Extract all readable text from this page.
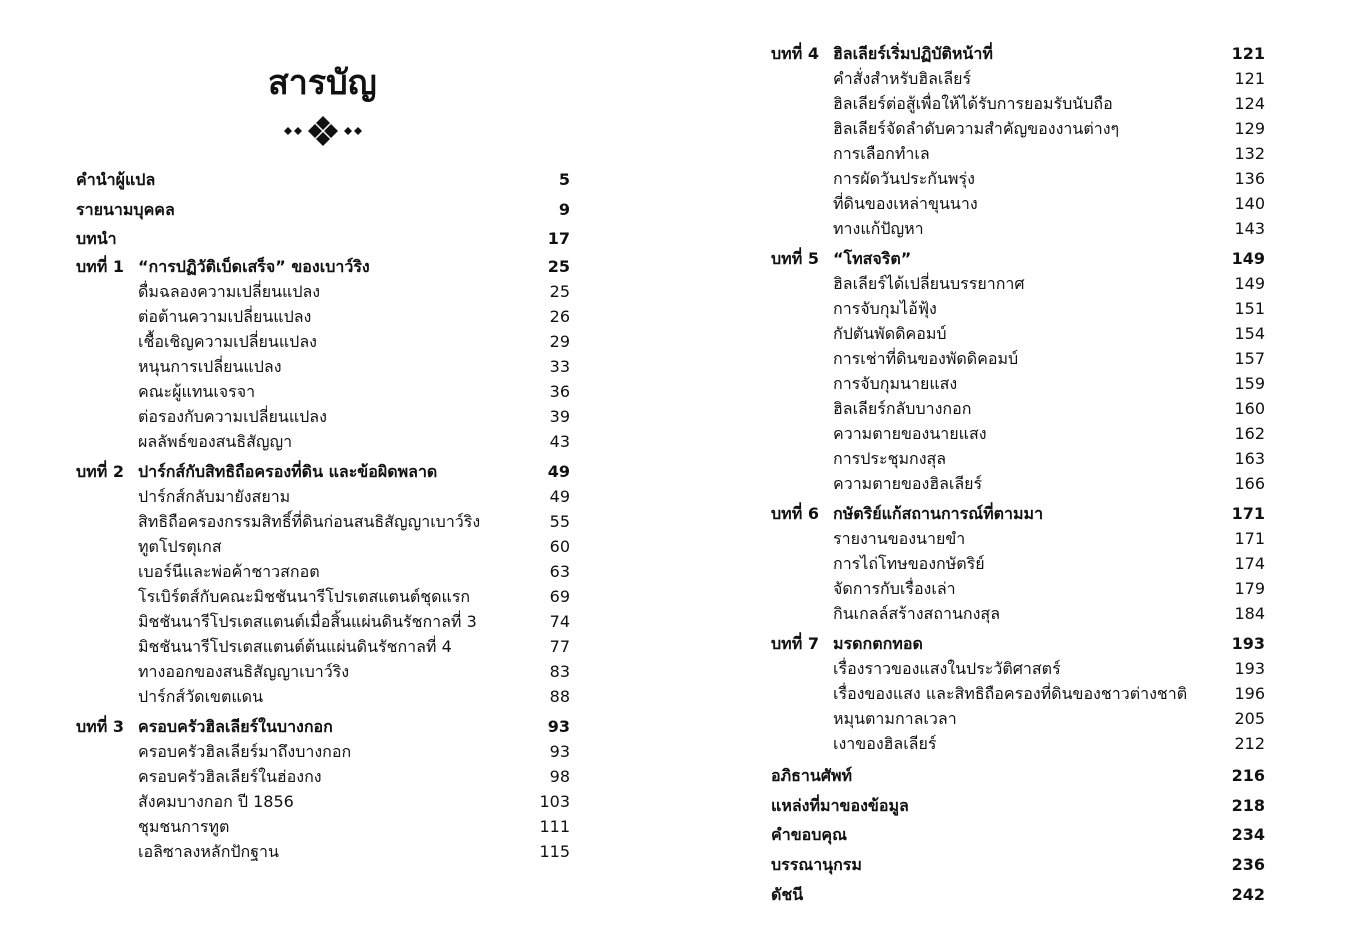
สารบัญ
คำนำผู้แปล	5
รายนามบุคคล	9
บทนำ	17
บทที่ 1 “การปฏิวัติเบ็ดเสร็จ” ของเบาว์ริง	25
ดื่มฉลองความเปลี่ยนแปลง	25
ต่อต้านความเปลี่ยนแปลง	26
เชื้อเชิญความเปลี่ยนแปลง	29
หนุนการเปลี่ยนแปลง	33
คณะผู้แทนเจรจา	36
ต่อรองกับความเปลี่ยนแปลง	39
ผลลัพธ์ของสนธิสัญญา	43
บทที่ 2 ปาร์กส์กับสิทธิถือครองที่ดิน และข้อผิดพลาด	49
ปาร์กส์กลับมายังสยาม	49
สิทธิถือครองกรรมสิทธิ์ที่ดินก่อนสนธิสัญญาเบาว์ริง	55
ทูตโปรตุเกส	60
เบอร์นีและพ่อค้าชาวสกอต	63
โรเบิร์ตส์กับคณะมิชชันนารีโปรเตสแตนต์ชุดแรก	69
มิชชันนารีโปรเตสแตนต์เมื่อสิ้นแผ่นดินรัชกาลที่ 3	74
มิชชันนารีโปรเตสแตนต์ต้นแผ่นดินรัชกาลที่ 4	77
ทางออกของสนธิสัญญาเบาว์ริง	83
ปาร์กส์วัดเขตแดน	88
บทที่ 3 ครอบครัวฮิลเลียร์ในบางกอก	93
ครอบครัวฮิลเลียร์มาถึงบางกอก	93
ครอบครัวฮิลเลียร์ในฮ่องกง	98
สังคมบางกอก ปี 1856	103
ชุมชนการทูต	111
เอลิซาลงหลักปักฐาน	115
บทที่ 4 ฮิลเลียร์เริ่มปฏิบัติหน้าที่	121
คำสั่งสำหรับฮิลเลียร์	121
ฮิลเลียร์ต่อสู้เพื่อให้ได้รับการยอมรับนับถือ	124
ฮิลเลียร์จัดลำดับความสำคัญของงานต่างๆ	129
การเลือกทำเล	132
การผัดวันประกันพรุ่ง	136
ที่ดินของเหล่าขุนนาง	140
ทางแก้ปัญหา	143
บทที่ 5 “โทสจริต”	149
ฮิลเลียร์ได้เปลี่ยนบรรยากาศ	149
การจับกุมไอ้ฟุ้ง	151
กัปตันพัดดิคอมบ์	154
การเช่าที่ดินของพัดดิคอมบ์	157
การจับกุมนายแสง	159
ฮิลเลียร์กลับบางกอก	160
ความตายของนายแสง	162
การประชุมกงสุล	163
ความตายของฮิลเลียร์	166
บทที่ 6 กษัตริย์แก้สถานการณ์ที่ตามมา	171
รายงานของนายขำ	171
การไถ่โทษของกษัตริย์	174
จัดการกับเรื่องเล่า	179
กินเกลล์สร้างสถานกงสุล	184
บทที่ 7 มรดกตกทอด	193
เรื่องราวของแสงในประวัติศาสตร์	193
เรื่องของแสง และสิทธิถือครองที่ดินของชาวต่างชาติ	196
หมุนตามกาลเวลา	205
เงาของฮิลเลียร์	212
อภิธานศัพท์	216
แหล่งที่มาของข้อมูล	218
คำขอบคุณ	234
บรรณานุกรม	236
ดัชนี	242
